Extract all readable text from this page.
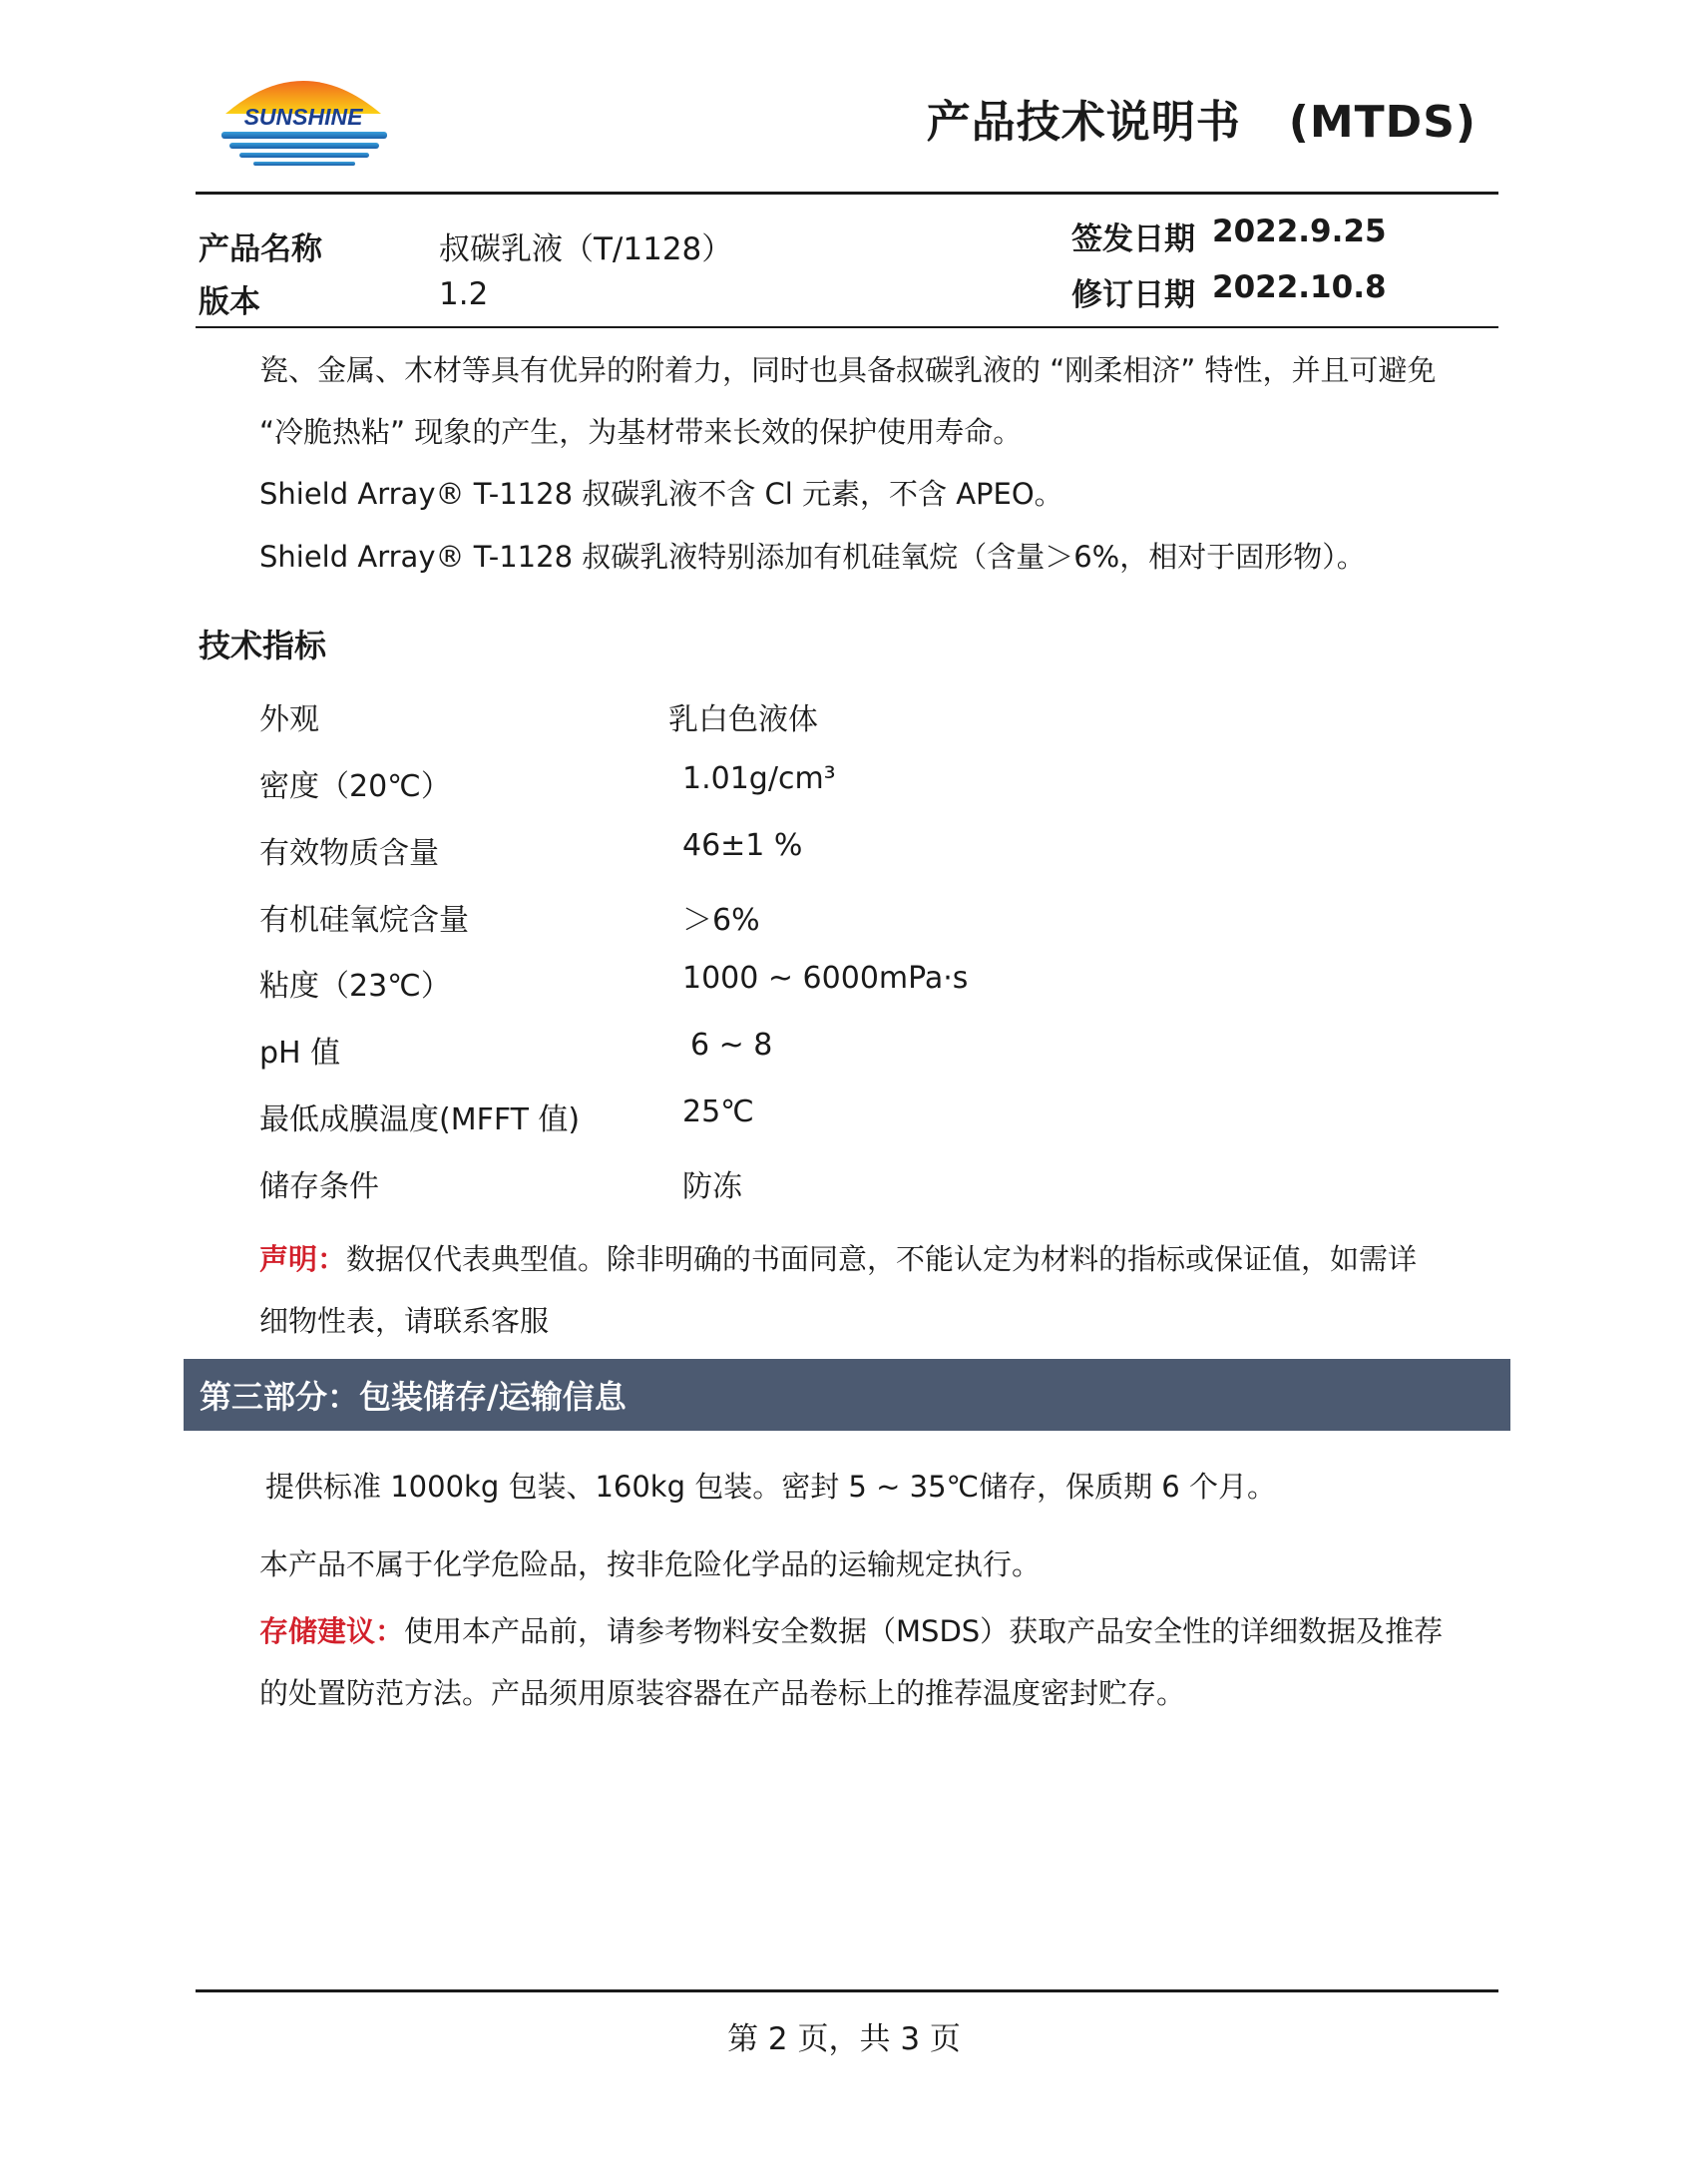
SUNSHINE	产品技术说明书 (MTDS)
产品名称	叔碳乳液（T/1128）
版本	1.2
签发日期 2022.9.25
修订日期 2022.10.8
瓷、金属、木材等具有优异的附着力，同时也具备叔碳乳液的 “刚柔相济” 特性，并且可避免
“冷脆热粘” 现象的产生，为基材带来长效的保护使用寿命。
Shield Array® T-1128 叔碳乳液不含 Cl 元素，不含 APEO。
Shield Array® T-1128 叔碳乳液特别添加有机硅氧烷（含量＞6%，相对于固形物）。
技术指标
外观	乳白色液体
密度（20℃）	1.01g/cm³
有效物质含量	46±1 %
有机硅氧烷含量	＞6%
粘度（23℃）	1000 ~ 6000mPa·s
pH 值	6 ~ 8
最低成膜温度(MFFT 值)	25℃
储存条件	防冻
声明：数据仅代表典型值。除非明确的书面同意，不能认定为材料的指标或保证值，如需详
细物性表，请联系客服
第三部分：包装储存/运输信息
提供标准 1000kg 包装、160kg 包装。密封 5 ~ 35℃储存，保质期 6 个月。
本产品不属于化学危险品，按非危险化学品的运输规定执行。
存储建议：使用本产品前，请参考物料安全数据（MSDS）获取产品安全性的详细数据及推荐
的处置防范方法。产品须用原装容器在产品卷标上的推荐温度密封贮存。
第 2 页，共 3 页
